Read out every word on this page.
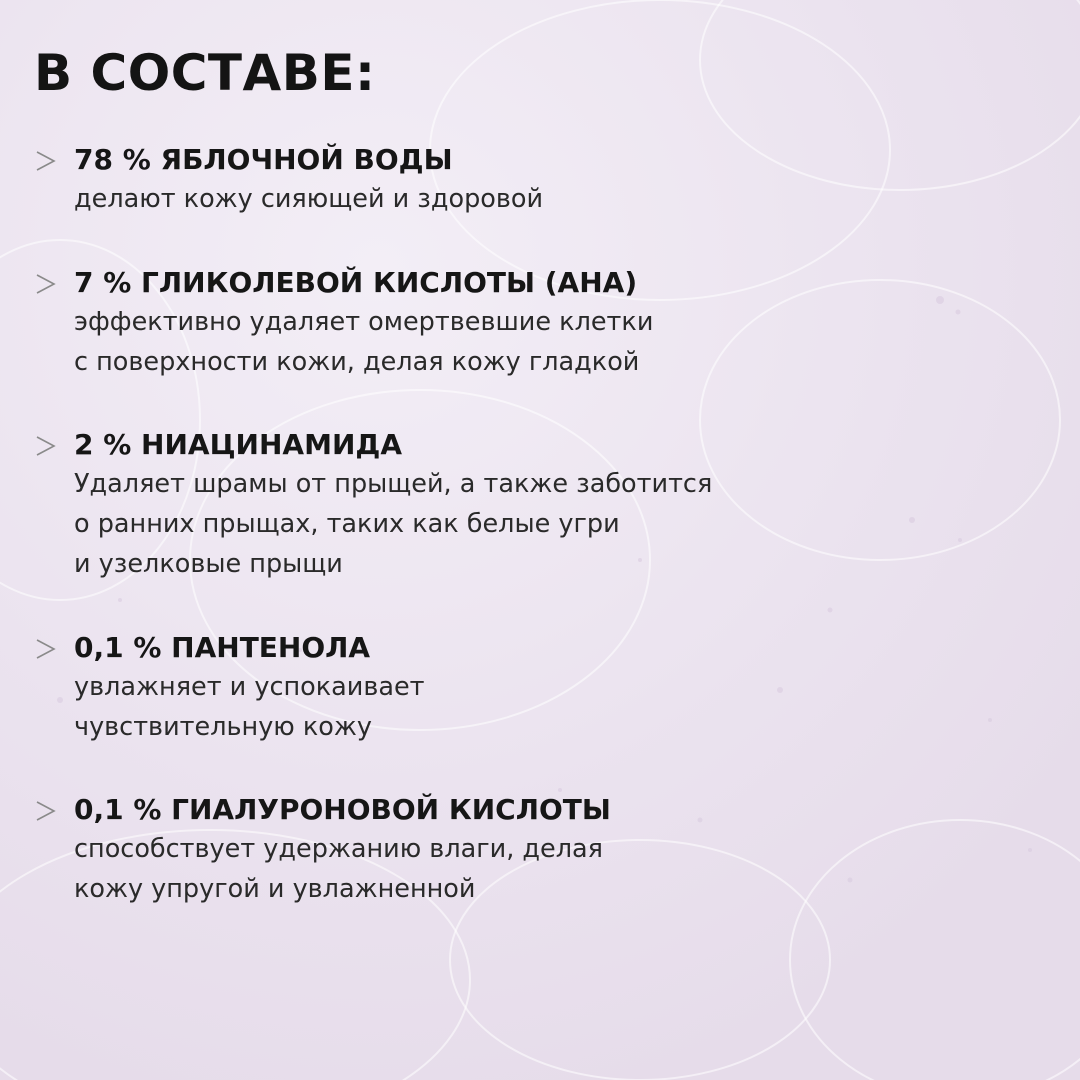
В СОСТАВЕ:
78 % ЯБЛОЧНОЙ ВОДЫ
делают кожу сияющей и здоровой
7 % ГЛИКОЛЕВОЙ КИСЛОТЫ (AHA)
эффективно удаляет омертвевшие клетки
с поверхности кожи, делая кожу гладкой
2 % НИАЦИНАМИДА
Удаляет шрамы от прыщей, а также заботится
о ранних прыщах, таких как белые угри
и узелковые прыщи
0,1 % ПАНТЕНОЛА
увлажняет и успокаивает
чувствительную кожу
0,1 % ГИАЛУРОНОВОЙ КИСЛОТЫ
способствует удержанию влаги, делая
кожу упругой и увлажненной
